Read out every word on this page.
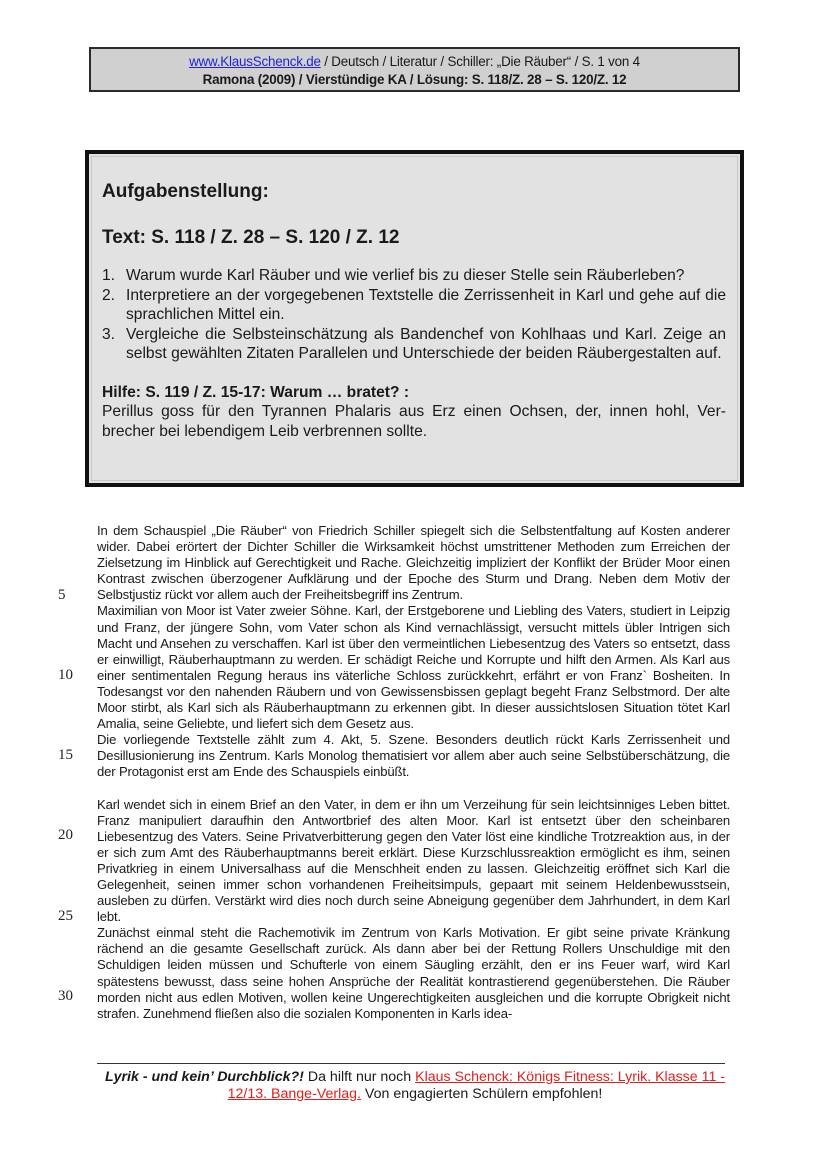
www.KlausSchenck.de / Deutsch / Literatur / Schiller: „Die Räuber“ / S. 1 von 4
Ramona (2009) / Vierstündige KA / Lösung: S. 118/Z. 28 – S. 120/Z. 12
Aufgabenstellung:
Text: S. 118 / Z. 28 – S. 120 / Z. 12
1. Warum wurde Karl Räuber und wie verlief bis zu dieser Stelle sein Räuberleben?
2. Interpretiere an der vorgegebenen Textstelle die Zerrissenheit in Karl und gehe auf die sprachlichen Mittel ein.
3. Vergleiche die Selbsteinschätzung als Bandenchef von Kohlhaas und Karl. Zeige an selbst gewählten Zitaten Parallelen und Unterschiede der beiden Räubergestalten auf.
Hilfe: S. 119 / Z. 15-17: Warum … bratet? :
Perillus goss für den Tyrannen Phalaris aus Erz einen Ochsen, der, innen hohl, Verbrecher bei lebendigem Leib verbrennen sollte.
In dem Schauspiel „Die Räuber“ von Friedrich Schiller spiegelt sich die Selbstentfaltung auf Kosten anderer wider. Dabei erörtert der Dichter Schiller die Wirksamkeit höchst umstrittener Methoden zum Erreichen der Zielsetzung im Hinblick auf Gerechtigkeit und Rache. Gleichzeitig impliziert der Konflikt der Brüder Moor einen Kontrast zwischen überzogener Aufklärung und der Epoche des Sturm und Drang. Neben dem Motiv der Selbstjustiz rückt vor allem auch der Freiheitsbegriff ins Zentrum.
Maximilian von Moor ist Vater zweier Söhne. Karl, der Erstgeborene und Liebling des Vaters, studiert in Leipzig und Franz, der jüngere Sohn, vom Vater schon als Kind vernachlässigt, versucht mittels übler Intrigen sich Macht und Ansehen zu verschaffen. Karl ist über den vermeintlichen Liebesentzug des Vaters so entsetzt, dass er einwilligt, Räuberhauptmann zu werden. Er schädigt Reiche und Korrupte und hilft den Armen. Als Karl aus einer sentimentalen Regung heraus ins väterliche Schloss zurückkehrt, erfährt er von Franz` Bosheiten. In Todesangst vor den nahenden Räubern und von Gewissensbissen geplagt begeht Franz Selbstmord. Der alte Moor stirbt, als Karl sich als Räuberhauptmann zu erkennen gibt. In dieser aussichtslosen Situation tötet Karl Amalia, seine Geliebte, und liefert sich dem Gesetz aus.
Die vorliegende Textstelle zählt zum 4. Akt, 5. Szene. Besonders deutlich rückt Karls Zerrissenheit und Desillusionierung ins Zentrum. Karls Monolog thematisiert vor allem aber auch seine Selbstüberschätzung, die der Protagonist erst am Ende des Schauspiels einbüßt.
Karl wendet sich in einem Brief an den Vater, in dem er ihn um Verzeihung für sein leichtsinniges Leben bittet. Franz manipuliert daraufhin den Antwortbrief des alten Moor. Karl ist entsetzt über den scheinbaren Liebesentzug des Vaters. Seine Privatverbitterung gegen den Vater löst eine kindliche Trotzreaktion aus, in der er sich zum Amt des Räuberhauptmanns bereit erklärt. Diese Kurzschlussreaktion ermöglicht es ihm, seinen Privatkrieg in einem Universalhass auf die Menschheit enden zu lassen. Gleichzeitig eröffnet sich Karl die Gelegenheit, seinen immer schon vorhandenen Freiheitsimpuls, gepaart mit seinem Heldenbewusstsein, ausleben zu dürfen. Verstärkt wird dies noch durch seine Abneigung gegenüber dem Jahrhundert, in dem Karl lebt.
Zunächst einmal steht die Rachemotivik im Zentrum von Karls Motivation. Er gibt seine private Kränkung rächend an die gesamte Gesellschaft zurück. Als dann aber bei der Rettung Rollers Unschuldige mit den Schuldigen leiden müssen und Schufterle von einem Säugling erzählt, den er ins Feuer warf, wird Karl spätestens bewusst, dass seine hohen Ansprüche der Realität kontrastierend gegenüberstehen. Die Räuber morden nicht aus edlen Motiven, wollen keine Ungerechtigkeiten ausgleichen und die korrupte Obrigkeit nicht strafen. Zunehmend fließen also die sozialen Komponenten in Karls idea-
5
10
15
20
25
30
Lyrik - und kein’ Durchblick?! Da hilft nur noch Klaus Schenck: Königs Fitness: Lyrik. Klasse 11 - 12/13. Bange-Verlag. Von engagierten Schülern empfohlen!
